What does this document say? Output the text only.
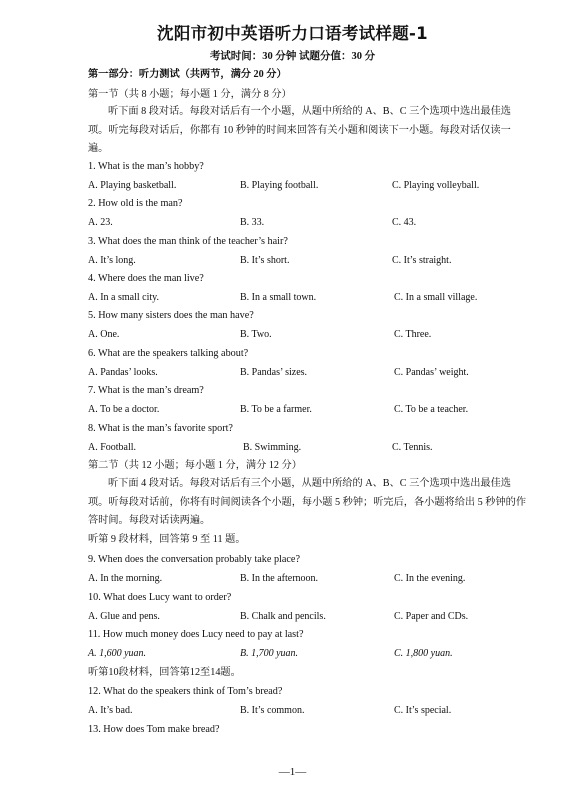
沈阳市初中英语听力口语考试样题-1
考试时间：30 分钟 试题分值：30 分
第一部分：听力测试（共两节，满分 20 分）
第一节（共 8 小题；每小题 1 分，满分 8 分）
听下面 8 段对话。每段对话后有一个小题，从题中所给的 A、B、C 三个选项中选出最佳选项。听完每段对话后，你都有 10 秒钟的时间来回答有关小题和阅读下一小题。每段对话仅读一遍。
1. What is the man’s hobby?
A. Playing basketball.	B. Playing football.	C. Playing volleyball.
2. How old is the man?
A. 23.	B. 33.	C. 43.
3. What does the man think of the teacher’s hair?
A. It’s long.	B. It’s short.	C. It’s straight.
4. Where does the man live?
A. In a small city.	B. In a small town.	C. In a small village.
5. How many sisters does the man have?
A. One.	B. Two.	C. Three.
6. What are the speakers talking about?
A. Pandas’ looks.	B. Pandas’ sizes.	C. Pandas’ weight.
7. What is the man’s dream?
A. To be a doctor.	B. To be a farmer.	C. To be a teacher.
8. What is the man’s favorite sport?
A. Football.	B. Swimming.	C. Tennis.
第二节（共 12 小题；每小题 1 分，满分 12 分）
听下面 4 段对话。每段对话后有三个小题，从题中所给的 A、B、C 三个选项中选出最佳选项。听每段对话前，你将有时间阅读各个小题，每小题 5 秒钟；听完后，各小题将给出 5 秒钟的作答时间。每段对话读两遍。
听第 9 段材料，回答第 9 至 11 题。
9. When does the conversation probably take place?
A. In the morning.	B. In the afternoon.	C. In the evening.
10. What does Lucy want to order?
A. Glue and pens.	B. Chalk and pencils.	C. Paper and CDs.
11. How much money does Lucy need to pay at last?
A. 1,600 yuan.	B. 1,700 yuan.	C. 1,800 yuan.
听第10段材料，回答第12至14题。
12. What do the speakers think of Tom’s bread?
A. It’s bad.	B. It’s common.	C. It’s special.
13. How does Tom make bread?
—1—
